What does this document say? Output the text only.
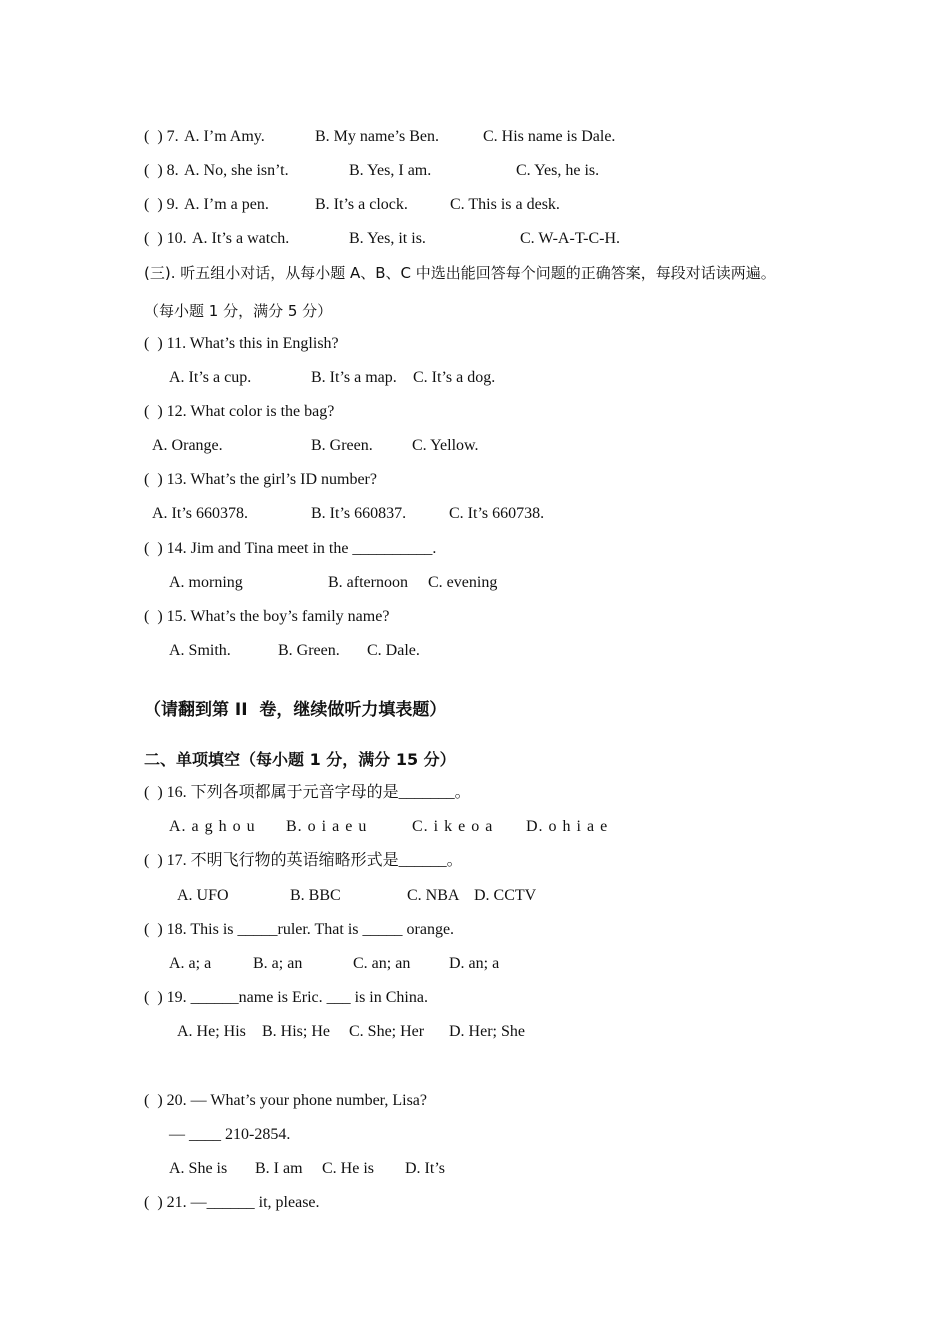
(  ) 7. A. I’m Amy.	B. My name’s Ben.	C. His name is Dale.
(  ) 8. A. No, she isn’t.	B. Yes, I am.	C. Yes, he is.
(  ) 9. A. I’m a pen.	B. It’s a clock.	C. This is a desk.
(  ) 10. A. It’s a watch.	B. Yes, it is.	C. W-A-T-C-H.
(三). 听五组小对话，从每小题 A、B、C 中选出能回答每个问题的正确答案，每段对话读两遍。
（每小题 1 分，满分 5 分）
(  ) 11. What’s this in English?
A. It’s a cup.	B. It’s a map. C. It’s a dog.
(  ) 12. What color is the bag?
A. Orange.	B. Green. C. Yellow.
(  ) 13. What’s the girl’s ID number?
A. It’s 660378.	B. It’s 660837.	C. It’s 660738.
(  ) 14. Jim and Tina meet in the __________.
A. morning	B. afternoon C. evening
(  ) 15. What’s the boy’s family name?
A. Smith.	B. Green. C. Dale.
（请翻到第 II  卷，继续做听力填表题）
二、单项填空（每小题 1 分，满分 15 分）
(  ) 16. 下列各项都属于元音字母的是_______。
A. a g h o u B. o i a e u	C. i k e o a D. o h i a e
(  ) 17. 不明飞行物的英语缩略形式是______。
A. UFO	B. BBC	C. NBA D. CCTV
(  ) 18. This is _____ruler. That is _____ orange.
A. a; a	B. a; an	C. an; an D. an; a
(  ) 19. ______name is Eric. ___ is in China.
A. He; His B. His; He C. She; Her D. Her; She
(  ) 20. — What’s your phone number, Lisa?
— ____ 210-2854.
A. She is B. I am C. He is D. It’s
(  ) 21. —______ it, please.
